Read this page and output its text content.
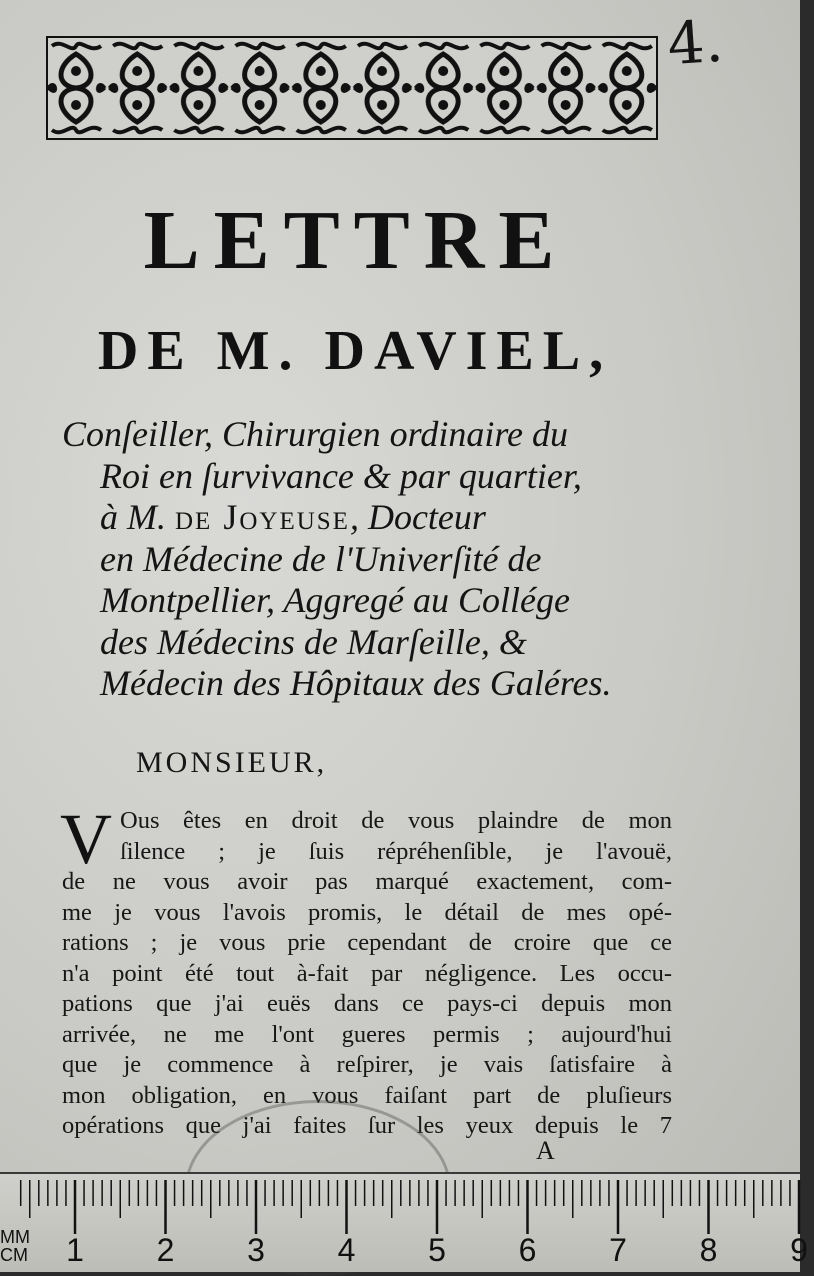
4.
LETTRE
DE M. DAVIEL,
Conſeiller, Chirurgien ordinaire du
Roi en ſurvivance & par quartier,
à M. de Joyeuse, Docteur
en Médecine de l'Univerſité de
Montpellier, Aggregé au Collége
des Médecins de Marſeille, &
Médecin des Hôpitaux des Galéres.
MONSIEUR,
V Ous êtes en droit de vous plaindre de mon
ſilence ; je ſuis répréhenſible, je l'avouë,
de ne vous avoir pas marqué exactement, com-
me je vous l'avois promis, le détail de mes opé-
rations ; je vous prie cependant de croire que ce
n'a point été tout à-fait par négligence. Les occu-
pations que j'ai euës dans ce pays-ci depuis mon
arrivée, ne me l'ont gueres permis ; aujourd'hui
que je commence à reſpirer, je vais ſatisfaire à
mon obligation, en vous faiſant part de pluſieurs
opérations que j'ai faites ſur les yeux depuis le 7
A
MM
CM	1 2 3 4 5 6 7 8 9
